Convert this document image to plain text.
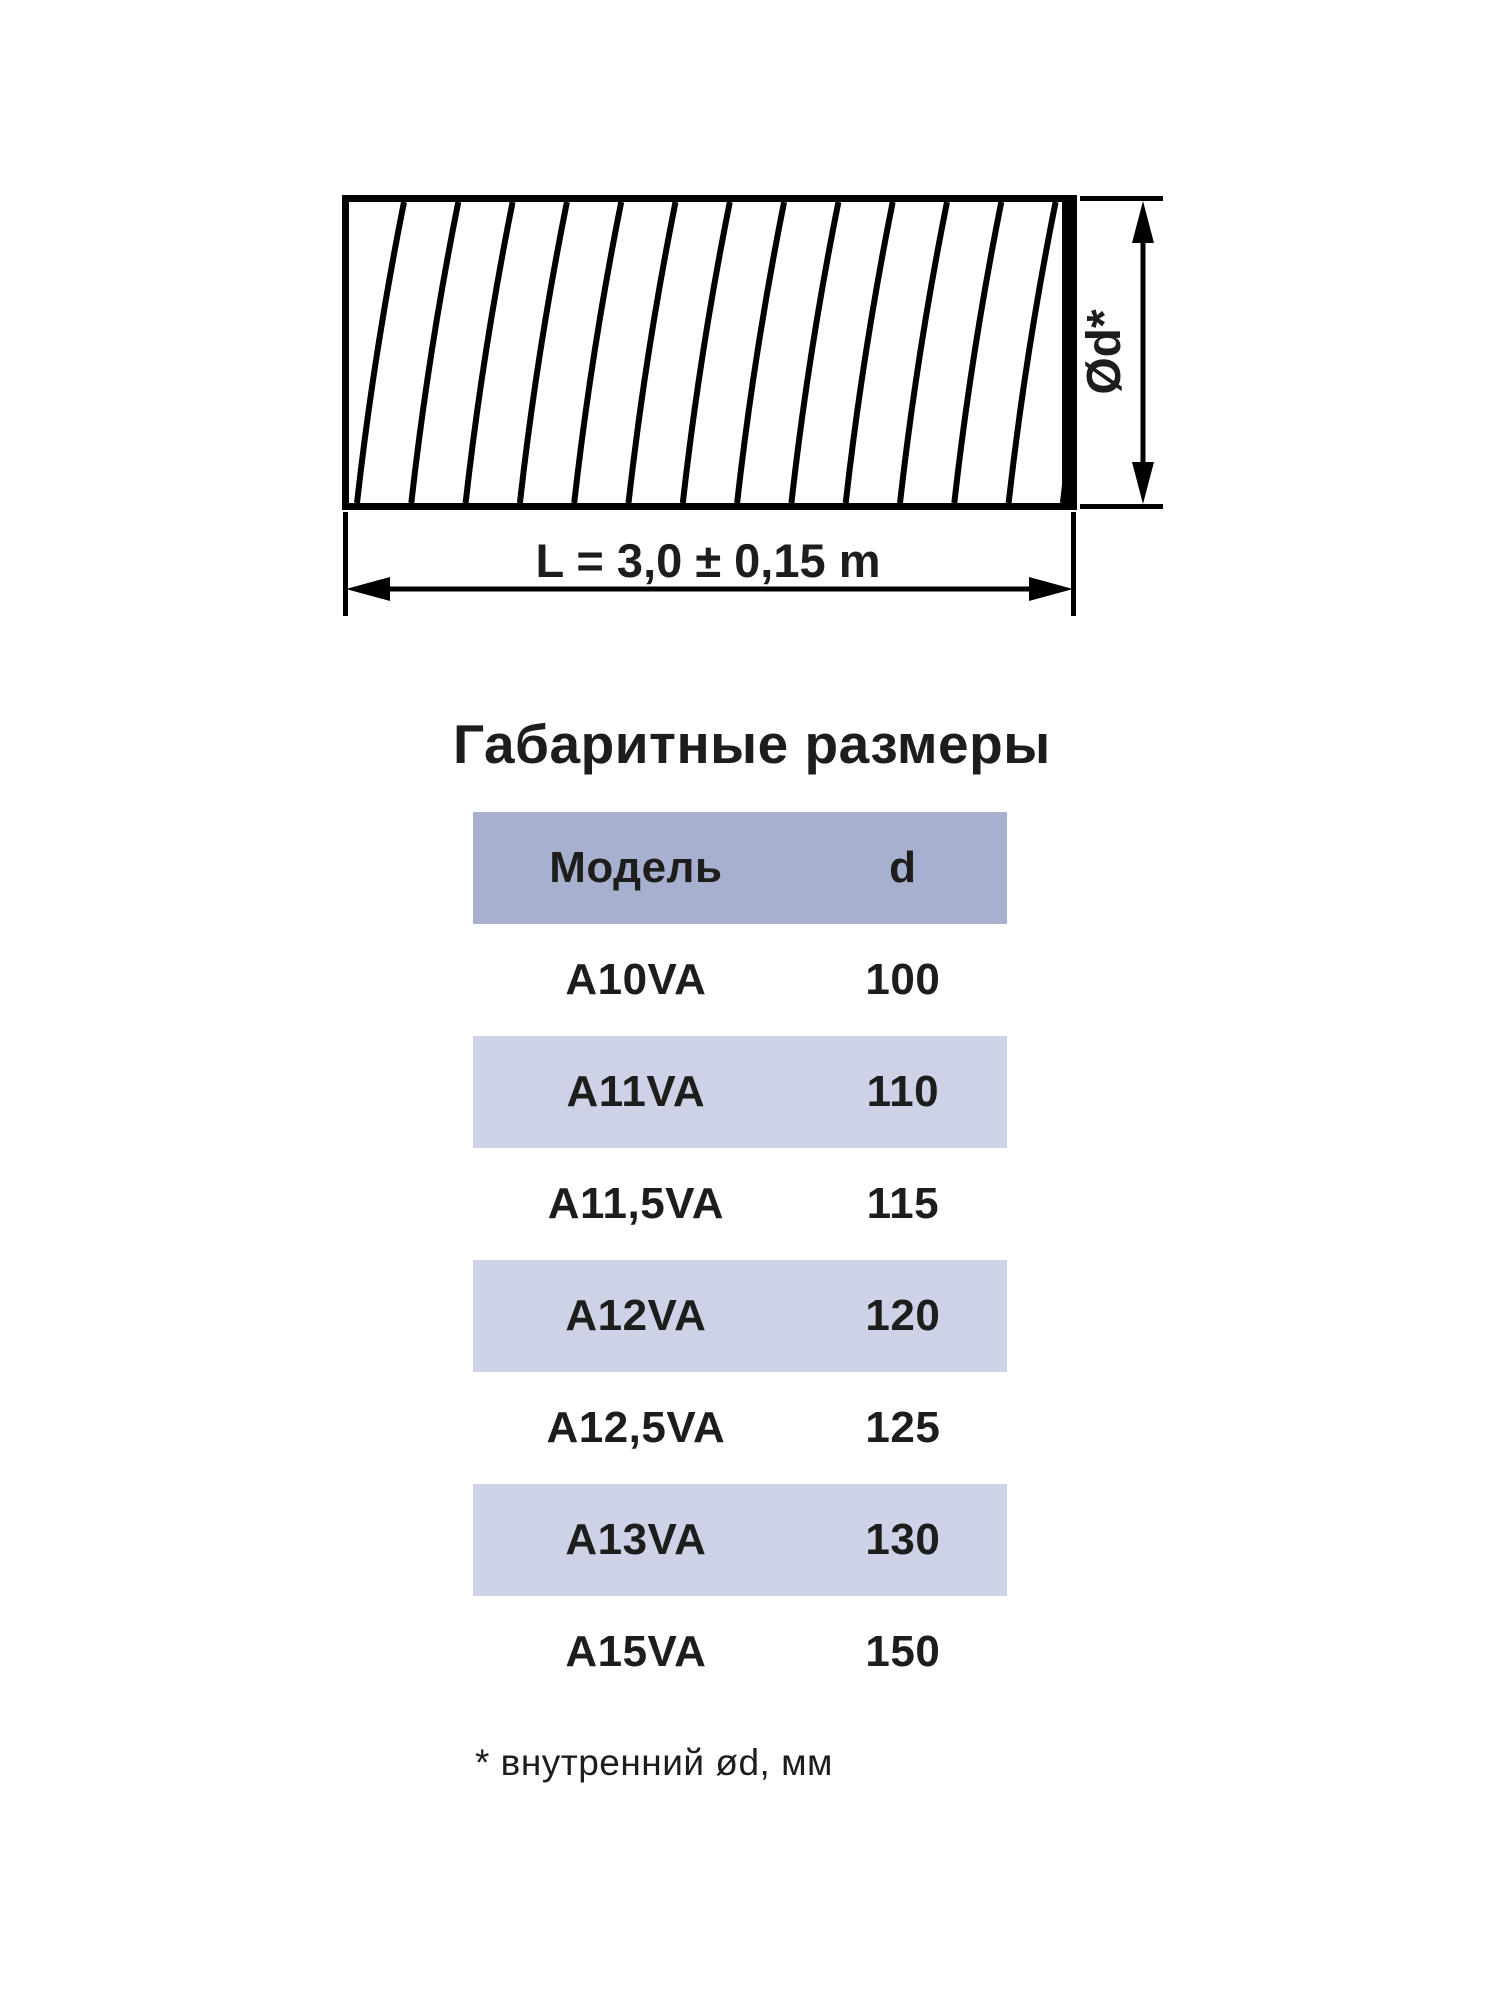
Ød*
L = 3,0 ± 0,15 m
Габаритные размеры
Модель	d
A10VA	100
A11VA	110
A11,5VA	115
A12VA	120
A12,5VA	125
A13VA	130
A15VA	150
* внутренний ød, мм
